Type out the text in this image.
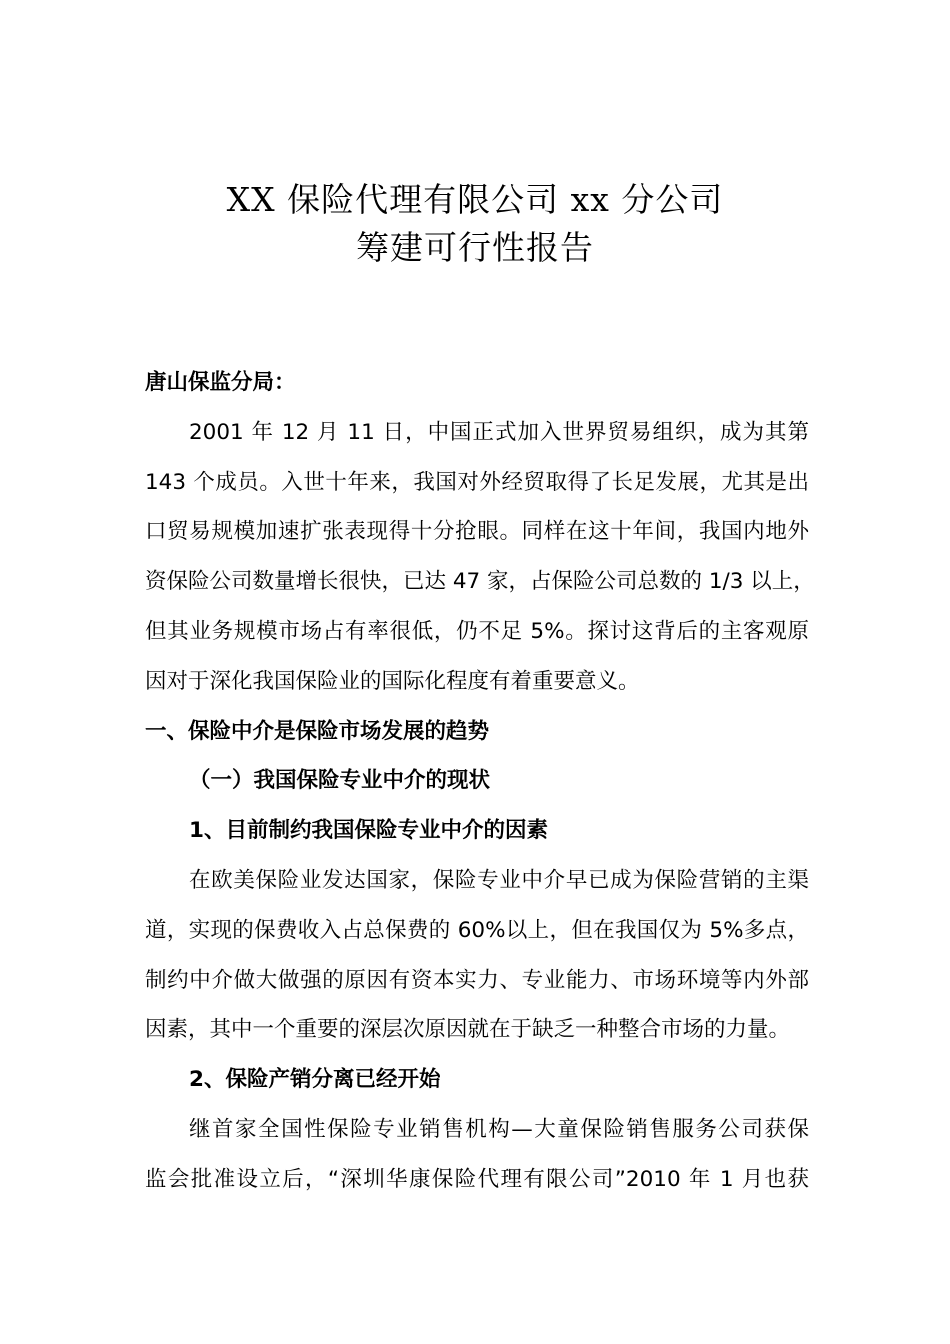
XX 保险代理有限公司 xx 分公司
筹建可行性报告
唐山保监分局：
2001 年 12 月 11 日，中国正式加入世界贸易组织，成为其第
143 个成员。入世十年来，我国对外经贸取得了长足发展，尤其是出
口贸易规模加速扩张表现得十分抢眼。同样在这十年间，我国内地外
资保险公司数量增长很快，已达 47 家，占保险公司总数的 1/3 以上，
但其业务规模市场占有率很低，仍不足 5%。探讨这背后的主客观原
因对于深化我国保险业的国际化程度有着重要意义。
一、保险中介是保险市场发展的趋势
（一）我国保险专业中介的现状
1、目前制约我国保险专业中介的因素
在欧美保险业发达国家，保险专业中介早已成为保险营销的主渠
道，实现的保费收入占总保费的 60%以上，但在我国仅为 5%多点，
制约中介做大做强的原因有资本实力、专业能力、市场环境等内外部
因素，其中一个重要的深层次原因就在于缺乏一种整合市场的力量。
2、保险产销分离已经开始
继首家全国性保险专业销售机构—大童保险销售服务公司获保
监会批准设立后，“深圳华康保险代理有限公司”2010 年 1 月也获
